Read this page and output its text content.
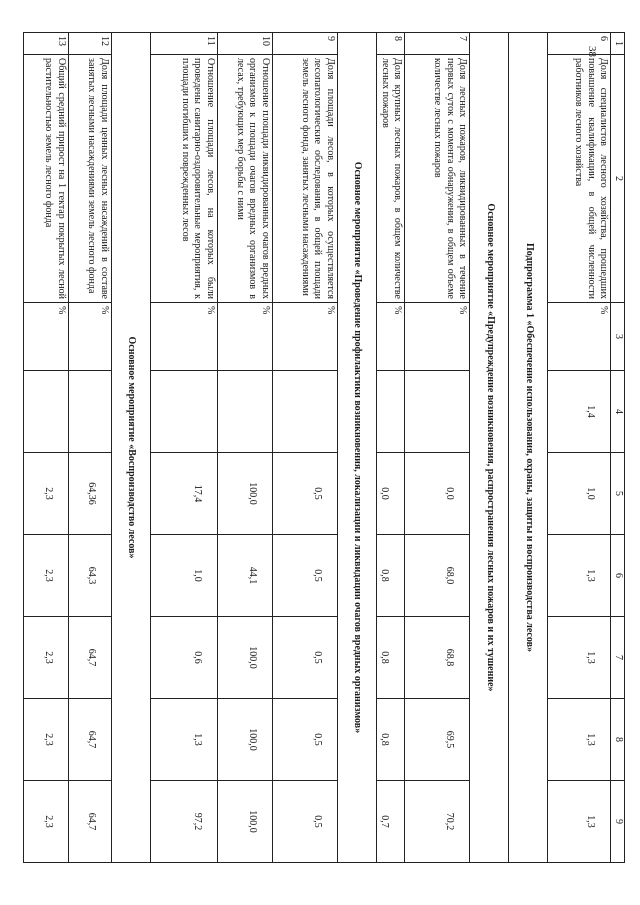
38
1	2	3	4	5	6	7	8	9
6	Доля специалистов лесного хозяйства, прошедших повышение квалификации, в общей численности работников лесного хозяйства	%	1,4	1,0	1,3	1,3	1,3	1,3
Подпрограмма 1 «Обеспечение использования, охраны, защиты и воспроизводства лесов»								
Основное мероприятие «Предупреждение возникновения, распространения лесных пожаров и их тушение»								
7	Доля лесных пожаров, ликвидированных в течение первых суток с момента обнаружения, в общем объеме количестве лесных пожаров	%		0,0	68,0	68,8	69,5	70,2
8	Доля крупных лесных пожаров, в общем количестве лесных пожаров	%		0,0	0,8	0,8	0,8	0,7
Основное мероприятие «Проведение профилактики возникновения, локализации и ликвидации очагов вредных организмов»								
9	Доля площади лесов, в которых осуществляется лесопатологические обследования, в общей площади земель лесного фонда, занятых лесными насаждениями	%		0,5	0,5	0,5	0,5	0,5
10	Отношение площади ликвидированных очагов вредных организмов к площади очагов вредных организмов в лесах, требующих мер борьбы с ними	%		100,0	44,1	100,0	100,0	100,0
11	Отношение площади лесов, на которых были проведены санитарно-оздоровительные мероприятия, к площади погибших и поврежденных лесов	%		17,4	1,0	0,6	1,3	97,2
Основное мероприятие «Воспроизводство лесов»								
12	Доля площади ценных лесных насаждений в составе занятых лесными насаждениями земель лесного фонда	%		64,36	64,3	64,7	64,7	64,7
13	Общий средний прирост на 1 гектар покрытых лесной растительностью земель лесного фонда	%		2,3	2,3	2,3	2,3	2,3
